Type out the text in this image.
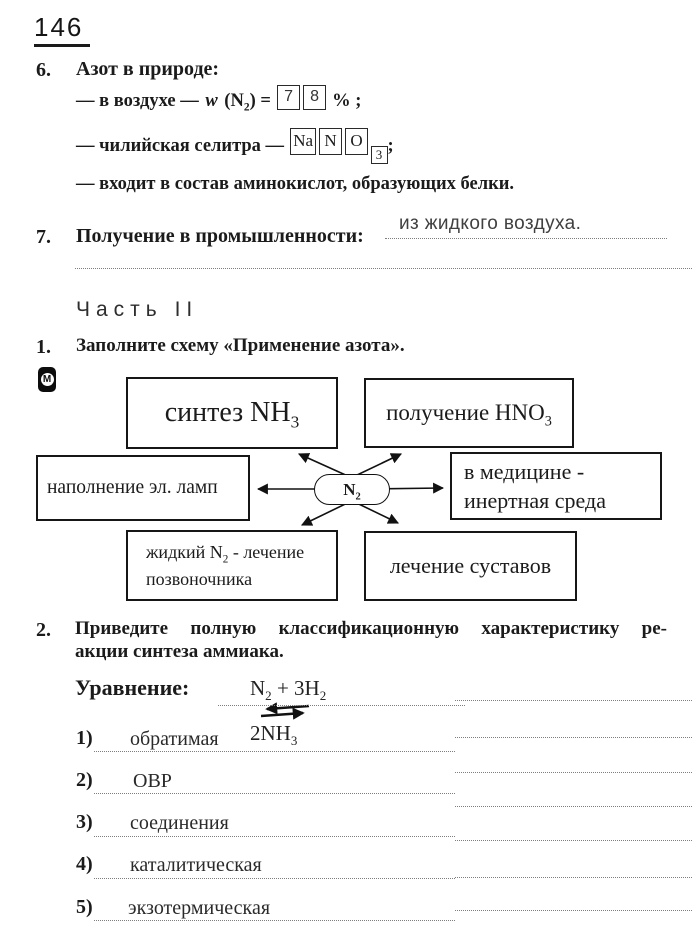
146
6. Азот в природе:
— в воздухе — w $(N_2) = 7$ 8 % ;
— чилийская селитра — Na N O3 ;
— входит в состав аминокислот, образующих белки.
7. Получение в промышленности:
из жидкого воздуха.
Часть II
1. Заполните схему «Применение азота».
М
синтез $NH_3$	получение $HNO_3$
наполнение эл. ламп
в медицине -
инертная среда
жидкий $N_2$ - лечение
позвоночника
лечение суставов
$N_2$
2. Приведите полную классификационную характеристику ре-
акции синтеза аммиака.
Уравнение:	$N_2 + 3H_2$
$2NH_3$
1) обратимая
2) ОВР
3) соединения
4) каталитическая
5) экзотермическая
